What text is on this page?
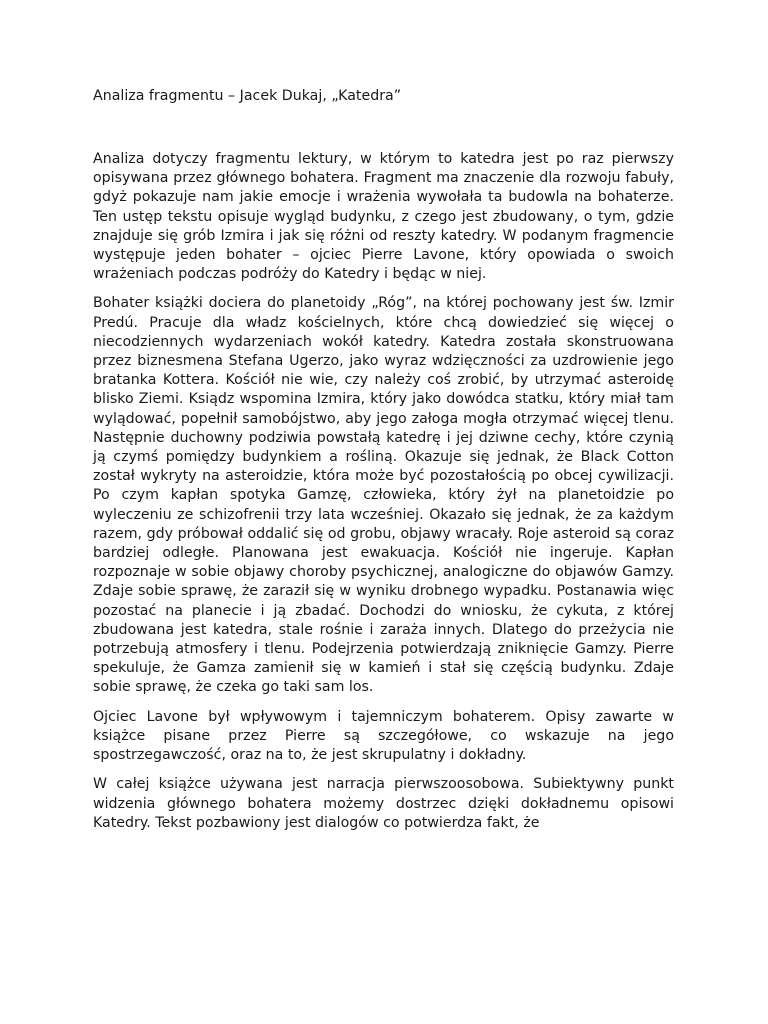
Analiza fragmentu – Jacek Dukaj, „Katedra”

Analiza dotyczy fragmentu lektury, w którym to katedra jest po raz pierwszy opisywana przez głównego bohatera. Fragment ma znaczenie dla rozwoju fabuły, gdyż pokazuje nam jakie emocje i wrażenia wywołała ta budowla na bohaterze. Ten ustęp tekstu opisuje wygląd budynku, z czego jest zbudowany, o tym, gdzie znajduje się grób Izmira i jak się różni od reszty katedry. W podanym fragmencie występuje jeden bohater – ojciec Pierre Lavone, który opowiada o swoich wrażeniach podczas podróży do Katedry i będąc w niej.

Bohater książki dociera do planetoidy „Róg”, na której pochowany jest św. Izmir Predú. Pracuje dla władz kościelnych, które chcą dowiedzieć się więcej o niecodziennych wydarzeniach wokół katedry. Katedra została skonstruowana przez biznesmena Stefana Ugerzo, jako wyraz wdzięczności za uzdrowienie jego bratanka Kottera. Kościół nie wie, czy należy coś zrobić, by utrzymać asteroidę blisko Ziemi. Ksiądz wspomina Izmira, który jako dowódca statku, który miał tam wylądować, popełnił samobójstwo, aby jego załoga mogła otrzymać więcej tlenu. Następnie duchowny podziwia powstałą katedrę i jej dziwne cechy, które czynią ją czymś pomiędzy budynkiem a rośliną. Okazuje się jednak, że Black Cotton został wykryty na asteroidzie, która może być pozostałością po obcej cywilizacji. Po czym kapłan spotyka Gamzę, człowieka, który żył na planetoidzie po wyleczeniu ze schizofrenii trzy lata wcześniej. Okazało się jednak, że za każdym razem, gdy próbował oddalić się od grobu, objawy wracały. Roje asteroid są coraz bardziej odległe. Planowana jest ewakuacja. Kościół nie ingeruje. Kapłan rozpoznaje w sobie objawy choroby psychicznej, analogiczne do objawów Gamzy. Zdaje sobie sprawę, że zaraził się w wyniku drobnego wypadku. Postanawia więc pozostać na planecie i ją zbadać. Dochodzi do wniosku, że cykuta, z której zbudowana jest katedra, stale rośnie i zaraża innych. Dlatego do przeżycia nie potrzebują atmosfery i tlenu. Podejrzenia potwierdzają zniknięcie Gamzy. Pierre spekuluje, że Gamza zamienił się w kamień i stał się częścią budynku. Zdaje sobie sprawę, że czeka go taki sam los.

Ojciec Lavone był wpływowym i tajemniczym bohaterem. Opisy zawarte w książce pisane przez Pierre są szczegółowe, co wskazuje na jego spostrzegawczość, oraz na to, że jest skrupulatny i dokładny.

W całej książce używana jest narracja pierwszoosobowa. Subiektywny punkt widzenia głównego bohatera możemy dostrzec dzięki dokładnemu opisowi Katedry. Tekst pozbawiony jest dialogów co potwierdza fakt, że
